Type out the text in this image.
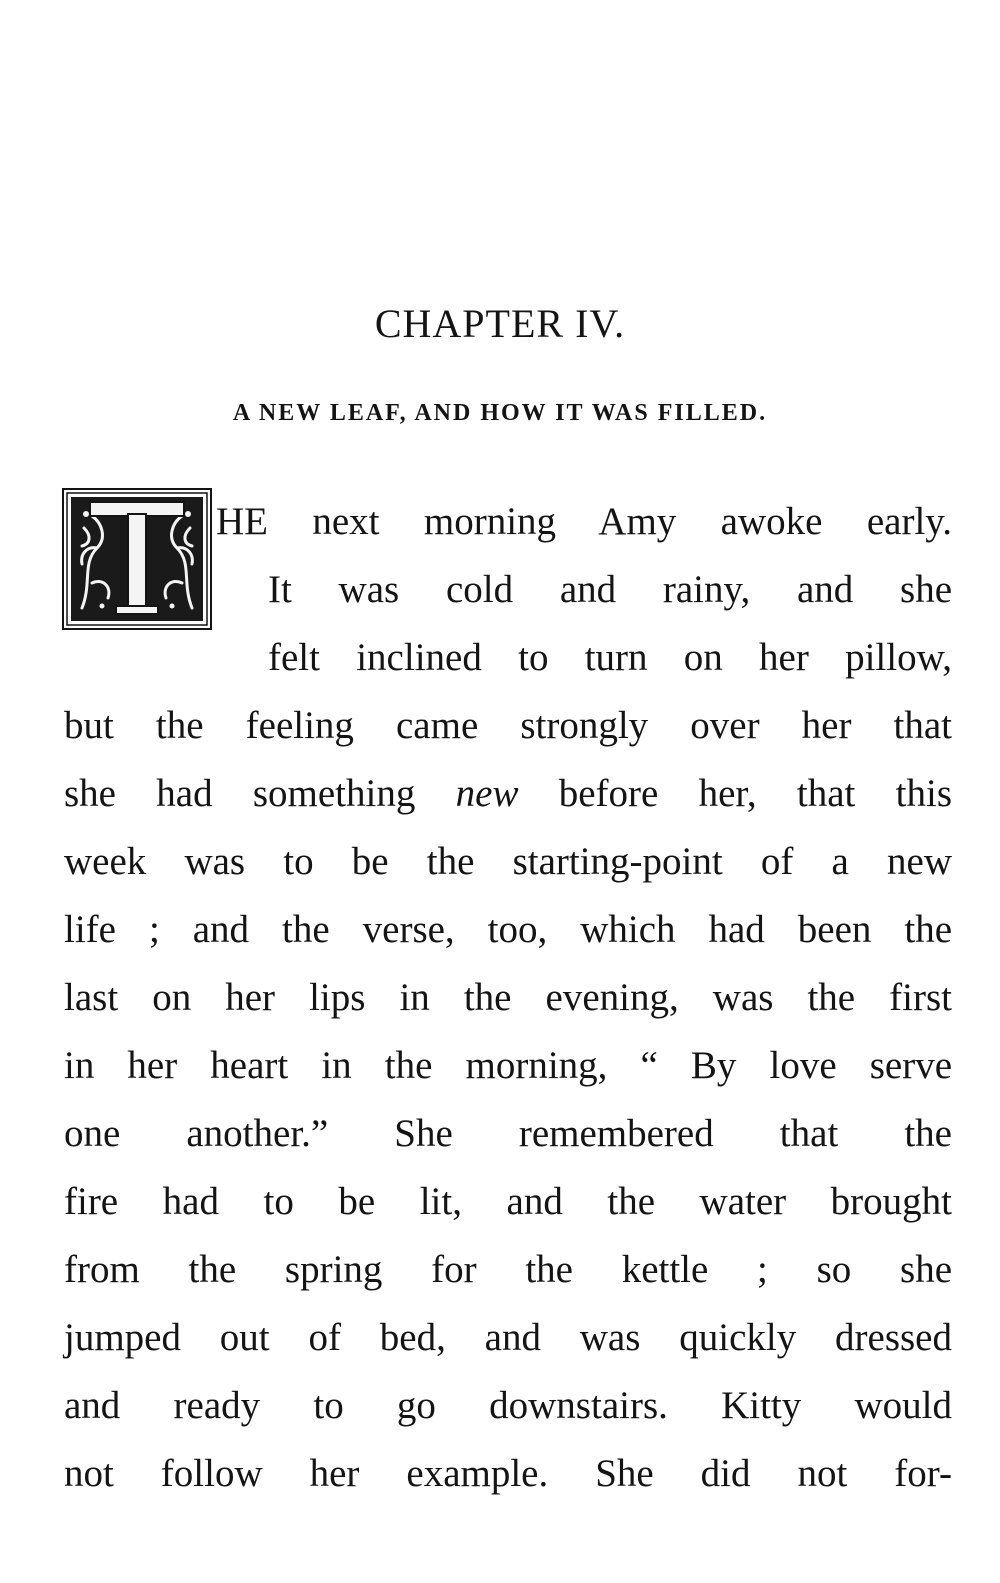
CHAPTER IV.
A NEW LEAF, AND HOW IT WAS FILLED.
HE next morning Amy awoke early.
It was cold and rainy, and she
felt inclined to turn on her pillow,
but the feeling came strongly over her that
she had something new before her, that this
week was to be the starting-point of a new
life ; and the verse, too, which had been the
last on her lips in the evening, was the first
in her heart in the morning, “ By love serve
one another.” She remembered that the
fire had to be lit, and the water brought
from the spring for the kettle ; so she
jumped out of bed, and was quickly dressed
and ready to go downstairs. Kitty would
not follow her example. She did not for-
